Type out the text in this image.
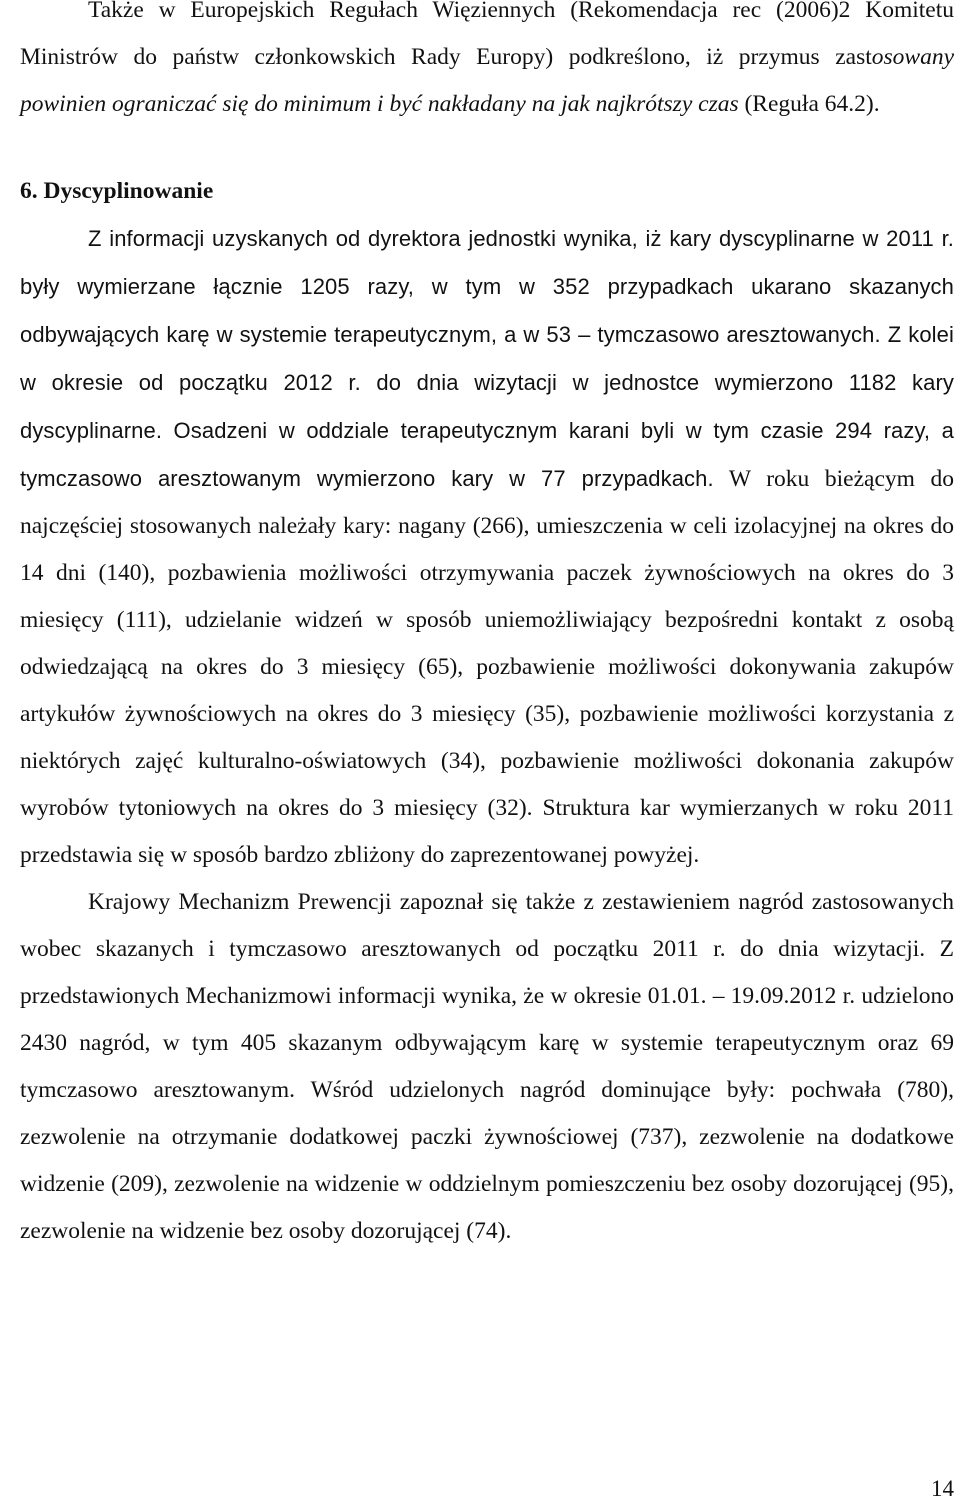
Także w Europejskich Regułach Więziennych (Rekomendacja rec (2006)2 Komitetu Ministrów do państw członkowskich Rady Europy) podkreślono, iż przymus zastosowany powinien ograniczać się do minimum i być nakładany na jak najkrótszy czas (Reguła 64.2).

6. Dyscyplinowanie

Z informacji uzyskanych od dyrektora jednostki wynika, iż kary dyscyplinarne w 2011 r. były wymierzane łącznie 1205 razy, w tym w 352 przypadkach ukarano skazanych odbywających karę w systemie terapeutycznym, a w 53 – tymczasowo aresztowanych. Z kolei w okresie od początku 2012 r. do dnia wizytacji w jednostce wymierzono 1182 kary dyscyplinarne. Osadzeni w oddziale terapeutycznym karani byli w tym czasie 294 razy, a tymczasowo aresztowanym wymierzono kary w 77 przypadkach. W roku bieżącym do najczęściej stosowanych należały kary: nagany (266), umieszczenia w celi izolacyjnej na okres do 14 dni (140), pozbawienia możliwości otrzymywania paczek żywnościowych na okres do 3 miesięcy (111), udzielanie widzeń w sposób uniemożliwiający bezpośredni kontakt z osobą odwiedzającą na okres do 3 miesięcy (65), pozbawienie możliwości dokonywania zakupów artykułów żywnościowych na okres do 3 miesięcy (35), pozbawienie możliwości korzystania z niektórych zajęć kulturalno-oświatowych (34), pozbawienie możliwości dokonania zakupów wyrobów tytoniowych na okres do 3 miesięcy (32). Struktura kar wymierzanych w roku 2011 przedstawia się w sposób bardzo zbliżony do zaprezentowanej powyżej.

Krajowy Mechanizm Prewencji zapoznał się także z zestawieniem nagród zastosowanych wobec skazanych i tymczasowo aresztowanych od początku 2011 r. do dnia wizytacji. Z przedstawionych Mechanizmowi informacji wynika, że w okresie 01.01. – 19.09.2012 r. udzielono 2430 nagród, w tym 405 skazanym odbywającym karę w systemie terapeutycznym oraz 69 tymczasowo aresztowanym. Wśród udzielonych nagród dominujące były: pochwała (780), zezwolenie na otrzymanie dodatkowej paczki żywnościowej (737), zezwolenie na dodatkowe widzenie (209), zezwolenie na widzenie w oddzielnym pomieszczeniu bez osoby dozorującej (95), zezwolenie na widzenie bez osoby dozorującej (74).

14
